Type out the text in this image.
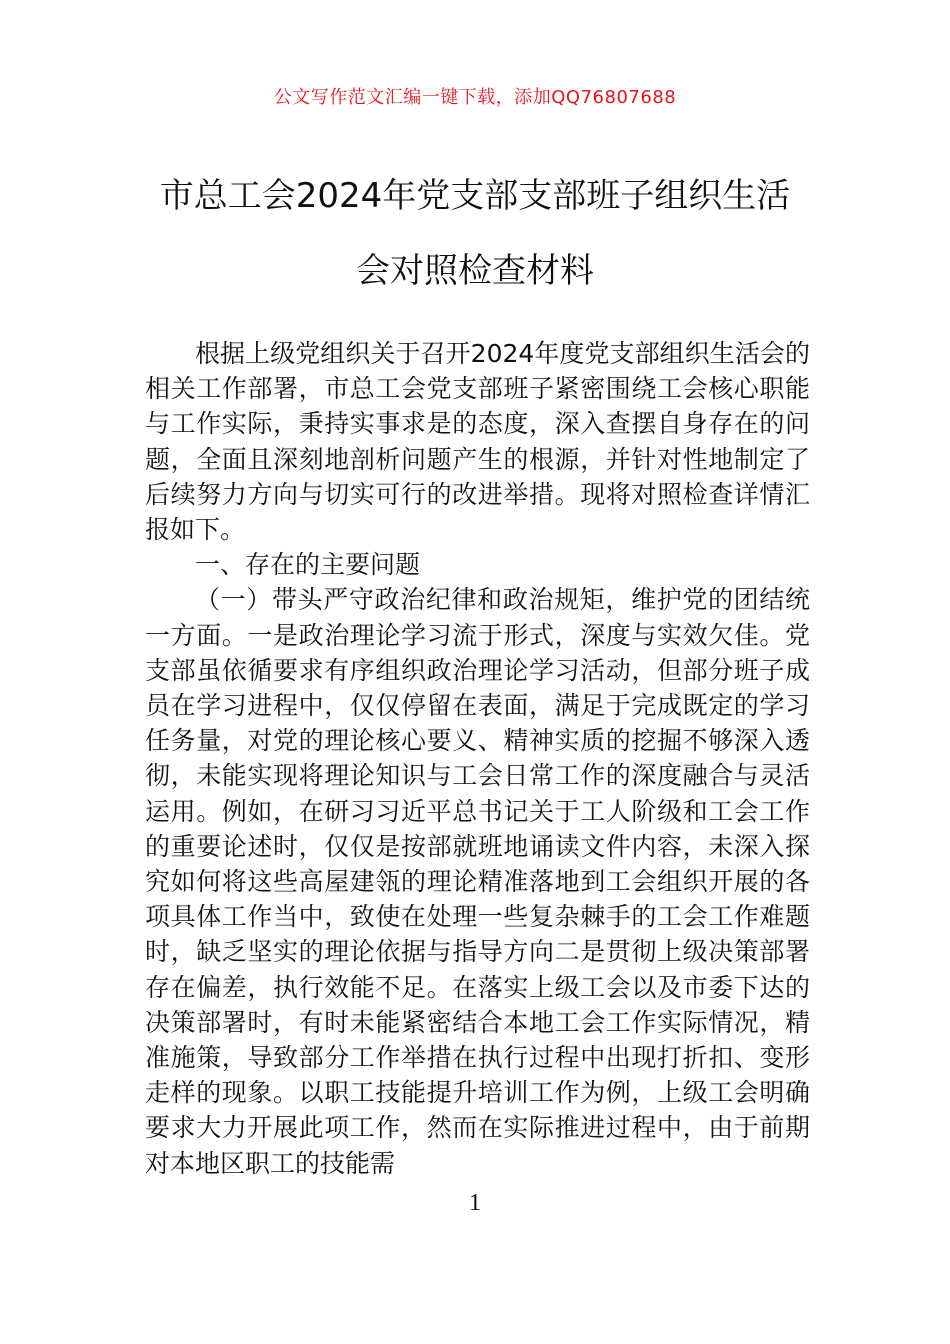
公文写作范文汇编一键下载，添加QQ76807688
市总工会2024年党支部支部班子组织生活
会对照检查材料

根据上级党组织关于召开2024年度党支部组织生活会的相关工作部署，市总工会党支部班子紧密围绕工会核心职能与工作实际，秉持实事求是的态度，深入查摆自身存在的问题，全面且深刻地剖析问题产生的根源，并针对性地制定了后续努力方向与切实可行的改进举措。现将对照检查详情汇报如下。

一、存在的主要问题

（一）带头严守政治纪律和政治规矩，维护党的团结统一方面。一是政治理论学习流于形式，深度与实效欠佳。党支部虽依循要求有序组织政治理论学习活动，但部分班子成员在学习进程中，仅仅停留在表面，满足于完成既定的学习任务量，对党的理论核心要义、精神实质的挖掘不够深入透彻，未能实现将理论知识与工会日常工作的深度融合与灵活运用。例如，在研习习近平总书记关于工人阶级和工会工作的重要论述时，仅仅是按部就班地诵读文件内容，未深入探究如何将这些高屋建瓴的理论精准落地到工会组织开展的各项具体工作当中，致使在处理一些复杂棘手的工会工作难题时，缺乏坚实的理论依据与指导方向二是贯彻上级决策部署存在偏差，执行效能不足。在落实上级工会以及市委下达的决策部署时，有时未能紧密结合本地工会工作实际情况，精准施策，导致部分工作举措在执行过程中出现打折扣、变形走样的现象。以职工技能提升培训工作为例，上级工会明确要求大力开展此项工作，然而在实际推进过程中，由于前期对本地区职工的技能需

1
